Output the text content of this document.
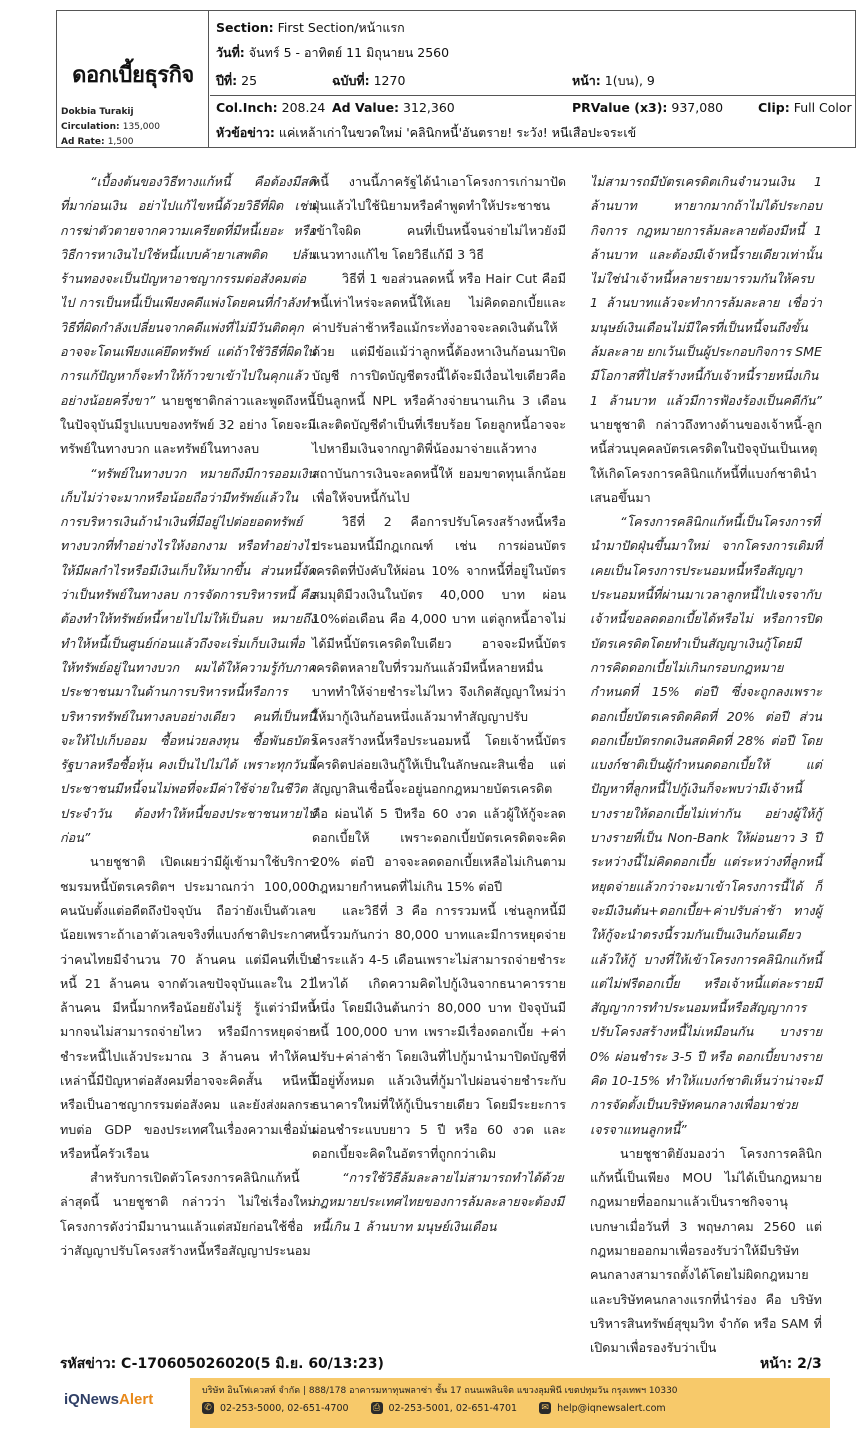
ดอกเบี้ยธุรกิจ
Dokbia Turakij
Circulation: 135,000
Ad Rate: 1,500
Section: First Section/หน้าแรก
วันที่: จันทร์ 5 - อาทิตย์ 11 มิถุนายน 2560
ปีที่: 25	ฉบับที่: 1270	หน้า: 1(บน), 9
Col.Inch: 208.24 Ad Value: 312,360	PRValue (x3): 937,080	Clip: Full Color
หัวข้อข่าว: แค่เหล้าเก่าในขวดใหม่ 'คลินิกหนี้'อันตราย! ระวัง! หนีเสือปะจระเข้

“เบื้องต้นของวิธีทางแก้หนี้ คือต้องมีสติที่มาก่อนเงิน อย่าไปแก้ไขหนี้ด้วยวิธีที่ผิด เช่น การฆ่าตัวตายจากความเครียดที่มีหนี้เยอะ หรือวิธีการหาเงินไปใช้หนี้แบบค้ายาเสพติด ปล้นร้านทองจะเป็นปัญหาอาชญากรรมต่อสังคมต่อไป การเป็นหนี้เป็นเพียงคดีแพ่งโดยคนที่กำลังทำวิธีที่ผิดกำลังเปลี่ยนจากคดีแพ่งที่ไม่มีวันติดคุก อาจจะโดนเพียงแค่ยึดทรัพย์ แต่ถ้าใช้วิธีที่ผิดในการแก้ปัญหาก็จะทำให้ก้าวขาเข้าไปในคุกแล้วอย่างน้อยครึ่งขา” นายชูชาติกล่าวและพูดถึงหนี้ในปัจจุบันมีรูปแบบของทรัพย์ 32 อย่าง โดยจะมีทรัพย์ในทางบวก และทรัพย์ในทางลบ

“ทรัพย์ในทางบวก หมายถึงมีการออมเงินเก็บไม่ว่าจะมากหรือน้อยถือว่ามีทรัพย์แล้วในการบริหารเงินถ้านำเงินที่มีอยู่ไปต่อยอดทรัพย์ทางบวกที่ทำอย่างไรให้งอกงาม หรือทำอย่างไรให้มีผลกำไรหรือมีเงินเก็บให้มากขึ้น ส่วนหนี้จัดว่าเป็นทรัพย์ในทางลบ การจัดการบริหารหนี้ คือ ต้องทำให้ทรัพย์หนี้หายไปไม่ให้เป็นลบ หมายถึงทำให้หนี้เป็นศูนย์ก่อนแล้วถึงจะเริ่มเก็บเงินเพื่อให้ทรัพย์อยู่ในทางบวก ผมได้ให้ความรู้กับภาคประชาชนมาในด้านการบริหารหนี้หรือการบริหารทรัพย์ในทางลบอย่างเดียว คนที่เป็นหนี้จะให้ไปเก็บออม ซื้อหน่วยลงทุน ซื้อพันธบัตรรัฐบาลหรือซื้อหุ้น คงเป็นไปไม่ได้ เพราะทุกวันนี้ประชาชนมีหนี้จนไม่พอที่จะมีค่าใช้จ่ายในชีวิตประจำวัน ต้องทำให้หนี้ของประชาชนหายไปก่อน”

นายชูชาติ เปิดเผยว่ามีผู้เข้ามาใช้บริการชมรมหนี้บัตรเครดิตฯ ประมาณกว่า 100,000 คนนับตั้งแต่อดีตถึงปัจจุบัน ถือว่ายังเป็นตัวเลขน้อยเพราะถ้าเอาตัวเลขจริงที่แบงก์ชาติประกาศว่าคนไทยมีจำนวน 70 ล้านคน แต่มีคนที่เป็นหนี้ 21 ล้านคน จากตัวเลขปัจจุบันและใน 21 ล้านคน มีหนี้มากหรือน้อยยังไม่รู้ รู้แต่ว่ามีหนี้มากจนไม่สามารถจ่ายไหว หรือมีการหยุดจ่ายชำระหนี้ไปแล้วประมาณ 3 ล้านคน ทำให้คนเหล่านี้มีปัญหาต่อสังคมที่อาจจะคิดสั้น หนีหนี้หรือเป็นอาชญากรรมต่อสังคม และยังส่งผลกระทบต่อ GDP ของประเทศในเรื่องความเชื่อมั่นหรือหนี้ครัวเรือน

สำหรับการเปิดตัวโครงการคลินิกแก้หนี้ล่าสุดนี้ นายชูชาติ กล่าวว่า ไม่ใช่เรื่องใหม่ โครงการดังว่ามีมานานแล้วแต่สมัยก่อนใช้ชื่อว่าสัญญาปรับโครงสร้างหนี้หรือสัญญาประนอม

หนี้ งานนี้ภาครัฐได้นำเอาโครงการเก่ามาปัดฝุ่นแล้วไปใช้นิยามหรือคำพูดทำให้ประชาชนเข้าใจผิด คนที่เป็นหนี้จนจ่ายไม่ไหวยังมีแนวทางแก้ไข โดยวิธีแก้มี 3 วิธี

วิธีที่ 1 ขอส่วนลดหนี้ หรือ Hair Cut คือมีหนี้เท่าไหร่จะลดหนี้ให้เลย ไม่คิดดอกเบี้ยและค่าปรับล่าช้าหรือแม้กระทั่งอาจจะลดเงินต้นให้ด้วย แต่มีข้อแม้ว่าลูกหนี้ต้องหาเงินก้อนมาปิดบัญชี การปิดบัญชีตรงนี้ได้จะมีเงื่อนไขเดียวคือ เป็นลูกหนี้ NPL หรือค้างจ่ายนานเกิน 3 เดือนและติดบัญชีดำเป็นที่เรียบร้อย โดยลูกหนี้อาจจะไปหายืมเงินจากญาติพี่น้องมาจ่ายแล้วทางสถาบันการเงินจะลดหนี้ให้ ยอมขาดทุนเล็กน้อยเพื่อให้จบหนี้กันไป

วิธีที่ 2 คือการปรับโครงสร้างหนี้หรือประนอมหนี้มีกฎเกณฑ์ เช่น การผ่อนบัตรเครดิตที่บังคับให้ผ่อน 10% จากหนี้ที่อยู่ในบัตร สมมุติมีวงเงินในบัตร 40,000 บาท ผ่อน 10%ต่อเดือน คือ 4,000 บาท แต่ลูกหนี้อาจไม่ได้มีหนี้บัตรเครดิตใบเดียว อาจจะมีหนี้บัตรเครดิตหลายใบที่รวมกันแล้วมีหนี้หลายหมื่นบาททำให้จ่ายชำระไม่ไหว จึงเกิดสัญญาใหม่ว่าให้มากู้เงินก้อนหนึ่งแล้วมาทำสัญญาปรับโครงสร้างหนี้หรือประนอมหนี้ โดยเจ้าหนี้บัตรเครดิตปล่อยเงินกู้ให้เป็นในลักษณะสินเชื่อ แต่สัญญาสินเชื่อนี้จะอยู่นอกกฎหมายบัตรเครดิต คือ ผ่อนได้ 5 ปีหรือ 60 งวด แล้วผู้ให้กู้จะลดดอกเบี้ยให้ เพราะดอกเบี้ยบัตรเครดิตจะคิด 20% ต่อปี อาจจะลดดอกเบี้ยเหลือไม่เกินตามกฎหมายกำหนดที่ไม่เกิน 15% ต่อปี

และวิธีที่ 3 คือ การรวมหนี้ เช่นลูกหนี้มีหนี้รวมกันกว่า 80,000 บาทและมีการหยุดจ่ายชำระแล้ว 4-5 เดือนเพราะไม่สามารถจ่ายชำระไหวได้ เกิดความคิดไปกู้เงินจากธนาคารรายหนึ่ง โดยมีเงินต้นกว่า 80,000 บาท ปัจจุบันมีหนี้ 100,000 บาท เพราะมีเรื่องดอกเบี้ย +ค่าปรับ+ค่าล่าช้า โดยเงินที่ไปกู้มานำมาปิดบัญชีที่มีอยู่ทั้งหมด แล้วเงินที่กู้มาไปผ่อนจ่ายชำระกับธนาคารใหม่ที่ให้กู้เป็นรายเดียว โดยมีระยะการผ่อนชำระแบบยาว 5 ปี หรือ 60 งวด และดอกเบี้ยจะคิดในอัตราที่ถูกกว่าเดิม

“การใช้วิธีล้มละลายไม่สามารถทำได้ด้วยกฎหมายประเทศไทยของการล้มละลายจะต้องมีหนี้เกิน 1 ล้านบาท มนุษย์เงินเดือน

ไม่สามารถมีบัตรเครดิตเกินจำนวนเงิน 1 ล้านบาท หายากมากถ้าไม่ได้ประกอบกิจการ กฎหมายการล้มละลายต้องมีหนี้ 1 ล้านบาท และต้องมีเจ้าหนี้รายเดียวเท่านั้น ไม่ใช่นำเจ้าหนี้หลายรายมารวมกันให้ครบ 1 ล้านบาทแล้วจะทำการล้มละลาย เชื่อว่ามนุษย์เงินเดือนไม่มีใครที่เป็นหนี้จนถึงขั้นล้มละลาย ยกเว้นเป็นผู้ประกอบกิจการ SME มีโอกาสที่ไปสร้างหนี้กับเจ้าหนี้รายหนึ่งเกิน 1 ล้านบาท แล้วมีการฟ้องร้องเป็นคดีกัน” นายชูชาติ กล่าวถึงทางด้านของเจ้าหนี้-ลูกหนี้ส่วนบุคคลบัตรเครดิตในปัจจุบันเป็นเหตุให้เกิดโครงการคลินิกแก้หนี้ที่แบงก์ชาตินำเสนอขึ้นมา

“โครงการคลินิกแก้หนี้เป็นโครงการที่นำมาปัดฝุ่นขึ้นมาใหม่ จากโครงการเดิมที่เคยเป็นโครงการประนอมหนี้หรือสัญญาประนอมหนี้ที่ผ่านมาเวลาลูกหนี้ไปเจรจากับเจ้าหนี้ขอลดดอกเบี้ยได้หรือไม่ หรือการปิดบัตรเครดิตโดยทำเป็นสัญญาเงินกู้โดยมีการคิดดอกเบี้ยไม่เกินกรอบกฎหมายกำหนดที่ 15% ต่อปี ซึ่งจะถูกลงเพราะดอกเบี้ยบัตรเครดิตคิดที่ 20% ต่อปี ส่วนดอกเบี้ยบัตรกดเงินสดคิดที่ 28% ต่อปี โดยแบงก์ชาติเป็นผู้กำหนดดอกเบี้ยให้ แต่ปัญหาที่ลูกหนี้ไปกู้เงินก็จะพบว่ามีเจ้าหนี้บางรายให้ดอกเบี้ยไม่เท่ากัน อย่างผู้ให้กู้บางรายที่เป็น Non-Bank ให้ผ่อนยาว 3 ปีระหว่างนี้ไม่คิดดอกเบี้ย แต่ระหว่างที่ลูกหนี้หยุดจ่ายแล้วกว่าจะมาเข้าโครงการนี้ได้ ก็จะมีเงินต้น+ดอกเบี้ย+ค่าปรับล่าช้า ทางผู้ให้กู้จะนำตรงนี้รวมกันเป็นเงินก้อนเดียวแล้วให้กู้ บางที่ให้เข้าโครงการคลินิกแก้หนี้แต่ไม่ฟรีดอกเบี้ย หรือเจ้าหนี้แต่ละรายมีสัญญาการทำประนอมหนี้หรือสัญญาการปรับโครงสร้างหนี้ไม่เหมือนกัน บางราย 0% ผ่อนชำระ 3-5 ปี หรือ ดอกเบี้ยบางรายคิด 10-15% ทำให้แบงก์ชาติเห็นว่าน่าจะมีการจัดตั้งเป็นบริษัทคนกลางเพื่อมาช่วยเจรจาแทนลูกหนี้”

นายชูชาติยังมองว่า โครงการคลินิกแก้หนี้เป็นเพียง MOU ไม่ได้เป็นกฎหมาย กฎหมายที่ออกมาแล้วเป็นราชกิจจานุเบกษาเมื่อวันที่ 3 พฤษภาคม 2560 แต่กฎหมายออกมาเพื่อรองรับว่าให้มีบริษัทคนกลางสามารถตั้งได้โดยไม่ผิดกฎหมาย และบริษัทคนกลางแรกที่นำร่อง คือ บริษัท บริหารสินทรัพย์สุขุมวิท จำกัด หรือ SAM ที่เปิดมาเพื่อรองรับว่าเป็น

รหัสข่าว: C-170605026020(5 มิ.ย. 60/13:23)	หน้า: 2/3
iQNewsAlert	บริษัท อินโฟเควสท์ จำกัด | 888/178 อาคารมหาทุนพลาซ่า ชั้น 17 ถนนเพลินจิต แขวงลุมพินี เขตปทุมวัน กรุงเทพฯ 10330
✆ 02-253-5000, 02-651-4700	⎙ 02-253-5001, 02-651-4701	✉ help@iqnewsalert.com
